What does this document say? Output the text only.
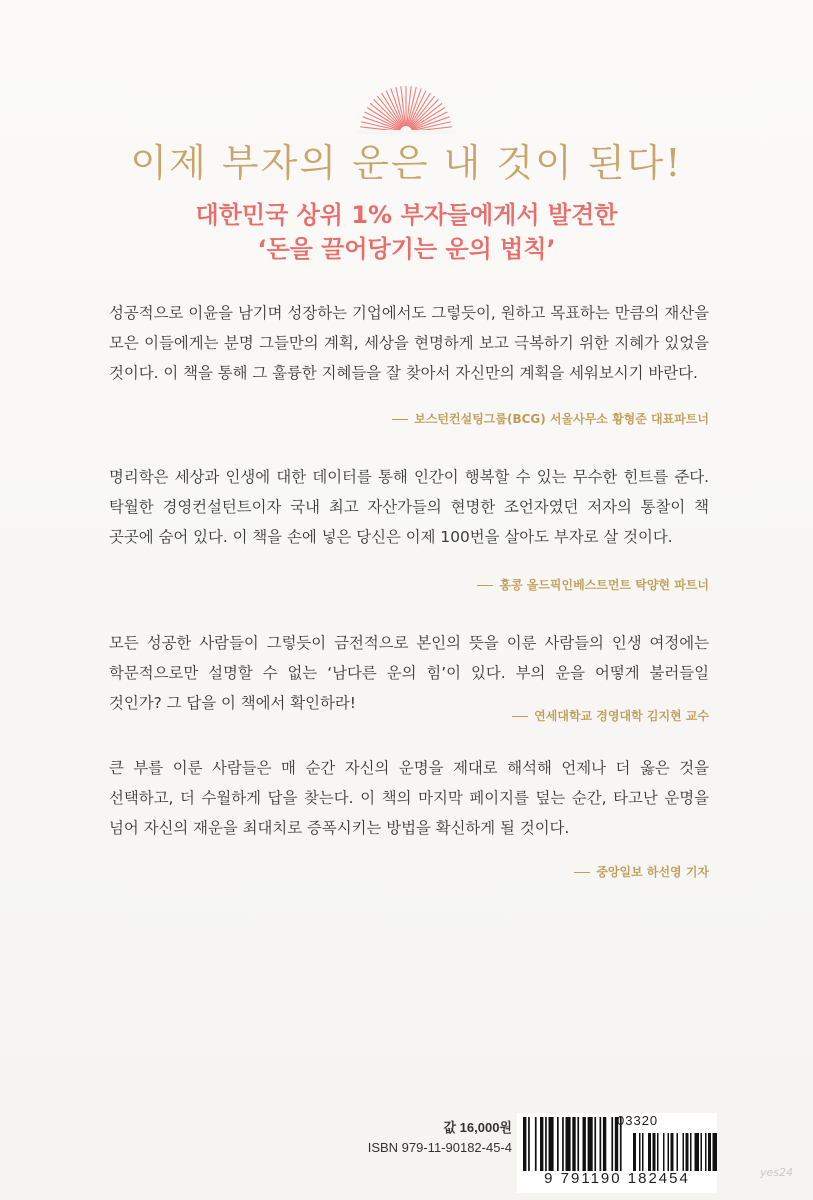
이제 부자의 운은 내 것이 된다!
대한민국 상위 1% 부자들에게서 발견한
‘돈을 끌어당기는 운의 법칙’

성공적으로 이윤을 남기며 성장하는 기업에서도 그렇듯이, 원하고 목표하는 만큼의 재산을 모은 이들에게는 분명 그들만의 계획, 세상을 현명하게 보고 극복하기 위한 지혜가 있었을 것이다. 이 책을 통해 그 훌륭한 지혜들을 잘 찾아서 자신만의 계획을 세워보시기 바란다.

보스턴컨설팅그룹(BCG) 서울사무소 황형준 대표파트너

명리학은 세상과 인생에 대한 데이터를 통해 인간이 행복할 수 있는 무수한 힌트를 준다. 탁월한 경영컨설턴트이자 국내 최고 자산가들의 현명한 조언자였던 저자의 통찰이 책 곳곳에 숨어 있다. 이 책을 손에 넣은 당신은 이제 100번을 살아도 부자로 살 것이다.

홍콩 올드픽인베스트먼트 탁양현 파트너

모든 성공한 사람들이 그렇듯이 금전적으로 본인의 뜻을 이룬 사람들의 인생 여정에는 학문적으로만 설명할 수 없는 ‘남다른 운의 힘’이 있다. 부의 운을 어떻게 불러들일 것인가? 그 답을 이 책에서 확인하라!

연세대학교 경영대학 김지현 교수

큰 부를 이룬 사람들은 매 순간 자신의 운명을 제대로 해석해 언제나 더 옳은 것을 선택하고, 더 수월하게 답을 찾는다. 이 책의 마지막 페이지를 덮는 순간, 타고난 운명을 넘어 자신의 재운을 최대치로 증폭시키는 방법을 확신하게 될 것이다.

중앙일보 하선영 기자
값 16,000원
ISBN 979-11-90182-45-4
03320
9 791190 182454	yes24
